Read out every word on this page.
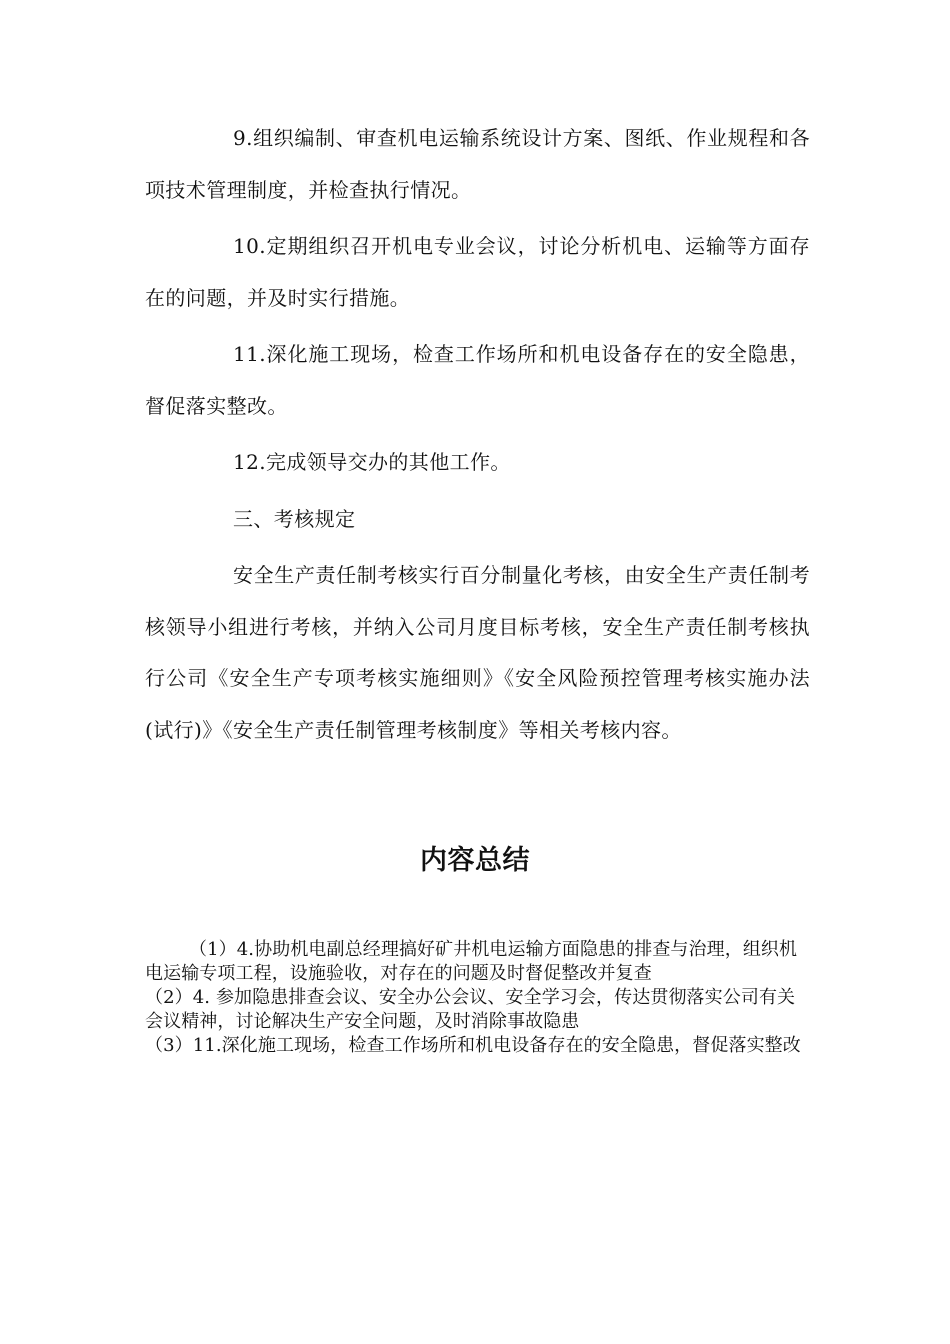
9.组织编制、审查机电运输系统设计方案、图纸、作业规程和各项技术管理制度，并检查执行情况。

10.定期组织召开机电专业会议，讨论分析机电、运输等方面存在的问题，并及时实行措施。

11.深化施工现场，检查工作场所和机电设备存在的安全隐患，督促落实整改。

12.完成领导交办的其他工作。

三、考核规定

安全生产责任制考核实行百分制量化考核，由安全生产责任制考核领导小组进行考核，并纳入公司月度目标考核，安全生产责任制考核执行公司《安全生产专项考核实施细则》《安全风险预控管理考核实施办法(试行)》《安全生产责任制管理考核制度》等相关考核内容。

内容总结

（1）4.协助机电副总经理搞好矿井机电运输方面隐患的排查与治理，组织机电运输专项工程，设施验收，对存在的问题及时督促整改并复查

（2）4. 参加隐患排查会议、安全办公会议、安全学习会，传达贯彻落实公司有关会议精神，讨论解决生产安全问题，及时消除事故隐患

（3）11.深化施工现场，检查工作场所和机电设备存在的安全隐患，督促落实整改
